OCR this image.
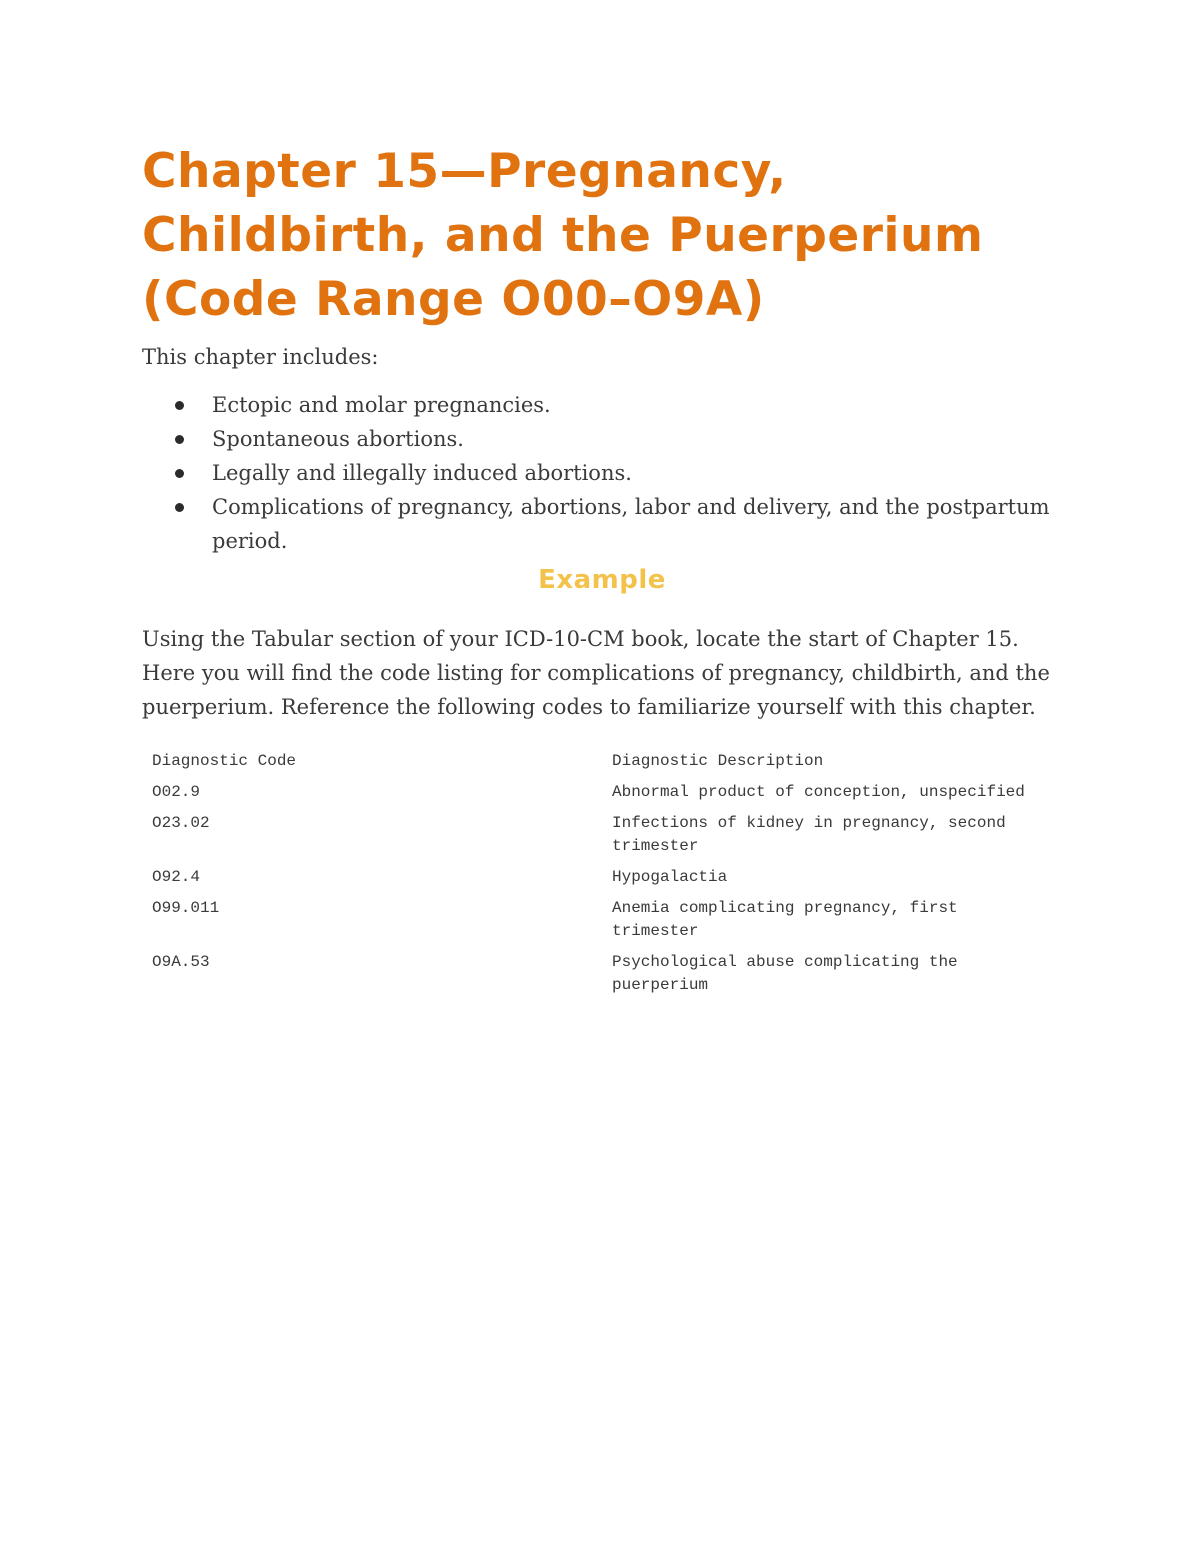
Chapter 15—Pregnancy, Childbirth, and the Puerperium (Code Range O00–O9A)

This chapter includes:

Ectopic and molar pregnancies.
Spontaneous abortions.
Legally and illegally induced abortions.
Complications of pregnancy, abortions, labor and delivery, and the postpartum period.
Example

Using the Tabular section of your ICD-10-CM book, locate the start of Chapter 15. Here you will find the code listing for complications of pregnancy, childbirth, and the puerperium. Reference the following codes to familiarize yourself with this chapter.

Diagnostic Code	Diagnostic Description
O02.9	Abnormal product of conception, unspecified
O23.02	Infections of kidney in pregnancy, second trimester
O92.4	Hypogalactia
O99.011	Anemia complicating pregnancy, first trimester
O9A.53	Psychological abuse complicating the puerperium
